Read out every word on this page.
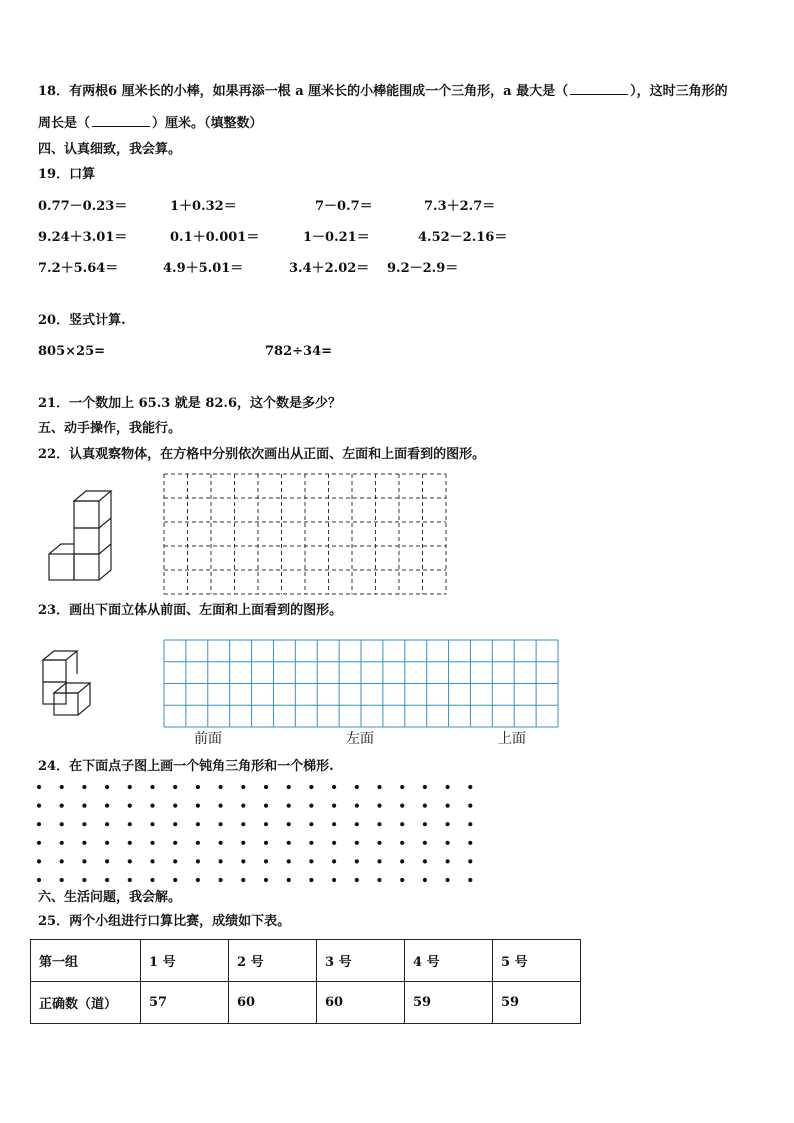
18．有两根6 厘米长的小棒，如果再添一根 a 厘米长的小棒能围成一个三角形，a 最大是（	），这时三角形的
周长是（	）厘米。（填整数）
四、认真细致，我会算。
19．口算
0.77－0.23＝	1＋0.32＝	7－0.7＝	7.3＋2.7＝
9.24＋3.01＝	0.1＋0.001＝	1－0.21＝	4.52－2.16＝
7.2＋5.64＝	4.9＋5.01＝	3.4＋2.02＝ 9.2－2.9＝
20．竖式计算.
805×25=	782÷34=
21．一个数加上 65.3 就是 82.6，这个数是多少？
五、动手操作，我能行。
22．认真观察物体，在方格中分别依次画出从正面、左面和上面看到的图形。
23．画出下面立体从前面、左面和上面看到的图形。
前面	左面	上面
24．在下面点子图上画一个钝角三角形和一个梯形.
六、生活问题，我会解。
25．两个小组进行口算比赛，成绩如下表。
第一组	1 号	2 号	3 号	4 号	5 号
正确数（道）	57	60	60	59	59
